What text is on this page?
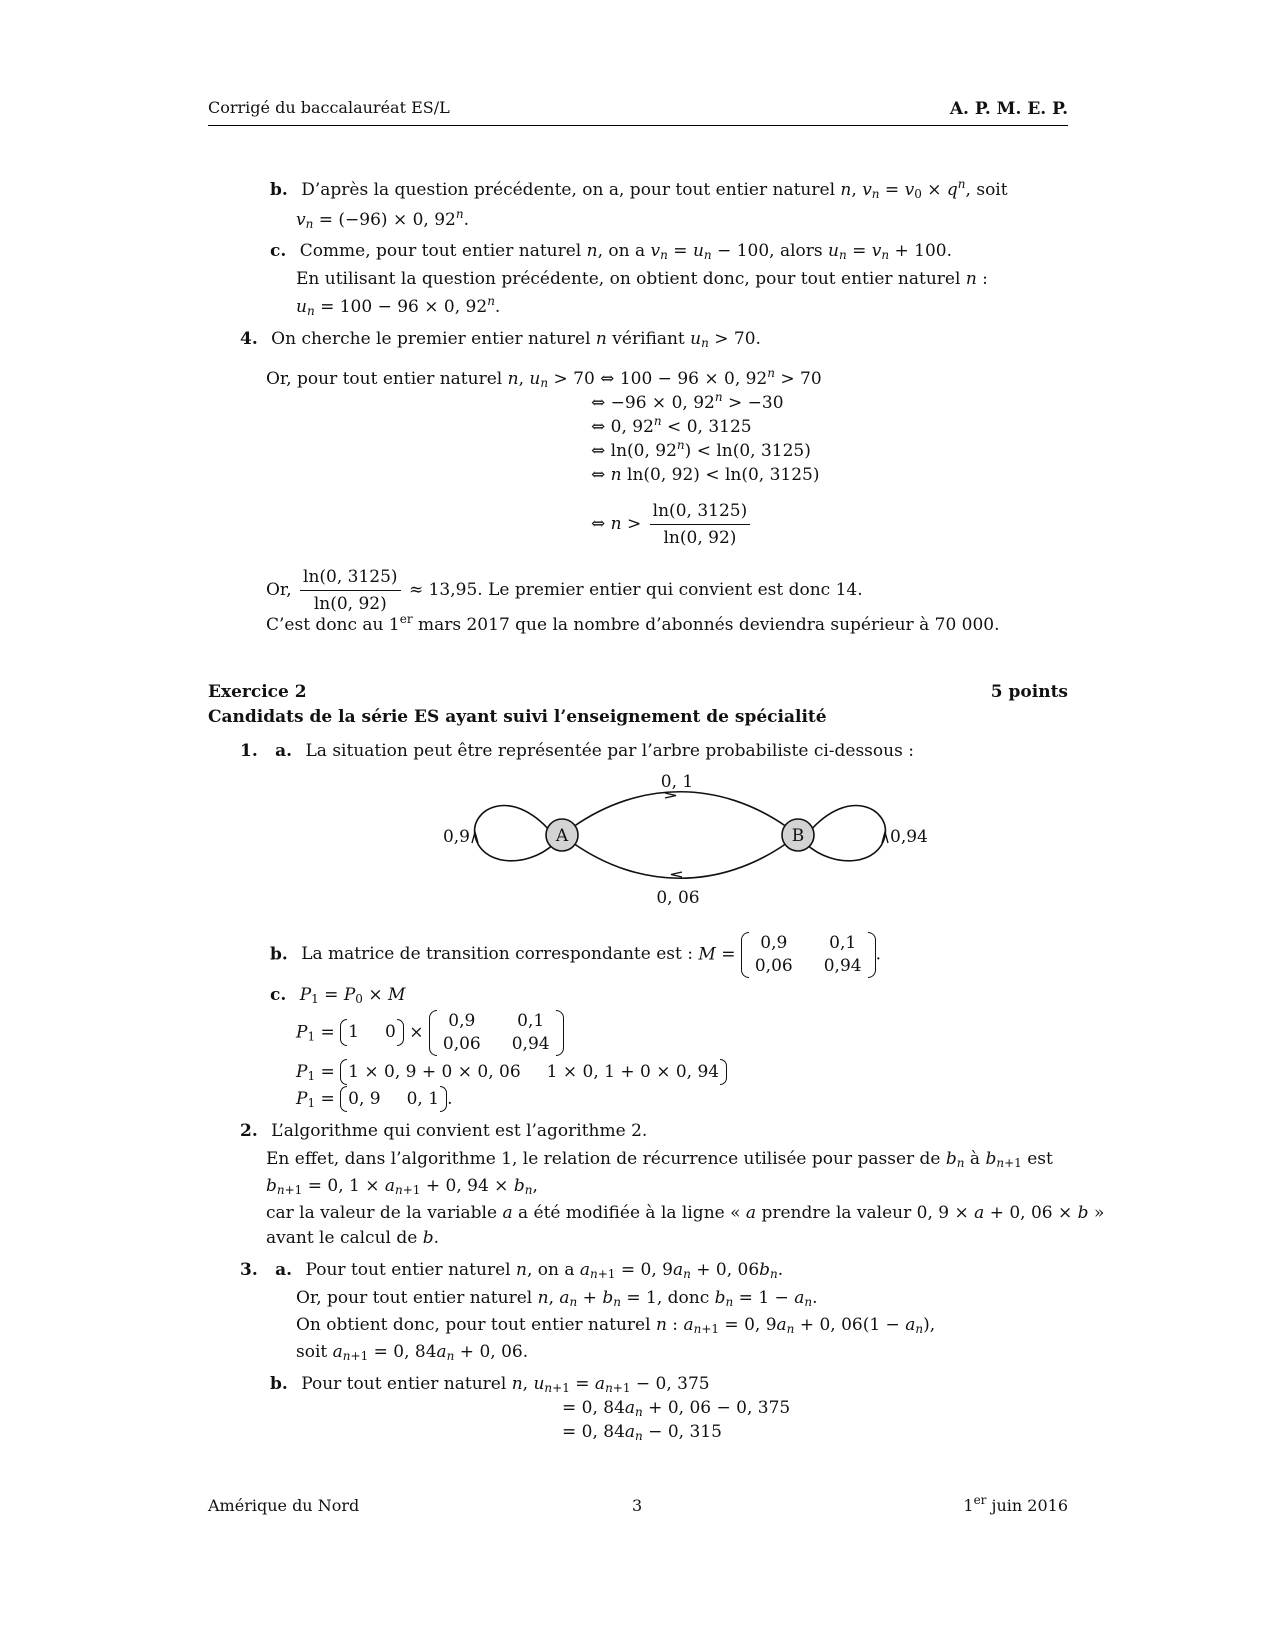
Corrigé du baccalauréat ES/L	A. P. M. E. P.
b. D’après la question précédente, on a, pour tout entier naturel n, $v_n = v_0 \times q^n$, soit
$v_n = (-96) \times 0$, 92$^n$.
c. Comme, pour tout entier naturel n, on a $v_n = u_n - 100$, alors $u_n = v_n + 100$.
En utilisant la question précédente, on obtient donc, pour tout entier naturel n :
$u_n = 100 - 96 \times 0$, 92$^n$.
4. On cherche le premier entier naturel n vérifiant $u_n > 70$.
Or, pour tout entier naturel n, $u_n > 70$ ⇔ 100 − 96 × 0, $92^n > 70$
⇔ −96 × 0, $92^n > -30$
⇔ 0, $92^n < 0$, 3125
⇔ ln(0, $92^n) < \ln(0$, 3125)
⇔ n ln(0, 92) < ln(0, 3125)
⇔ $n > \frac{\ln(0, 3125)}{\ln(0, 92)}$
Or, $\frac{\ln(0, 3125)}{\ln(0, 92)} \approx 13,95$. Le premier entier qui convient est donc 14.
C’est donc au 1er mars 2017 que la nombre d’abonnés deviendra supérieur à 70 000.
Exercice 2	5 points
Candidats de la série ES ayant suivi l’enseignement de spécialité
1. a. La situation peut être représentée par l’arbre probabiliste ci-dessous :
A	B
0, 1
0, 06
0,9	0,94
b. La matrice de transition correspondante est : M =
0,9	0,1
0,06	0,94
.
c. $P_1 = P_0 \times M$
$P_1 = 1$ 0 ×
0,9	0,1
0,06	0,94
$P_1 = 1 \times 0$, 9 + 0 × 0, 06 1 × 0, 1 + 0 × 0, 94
$P_1 = 0$, 9 0, 1 .
2. L’algorithme qui convient est l’agorithme 2.
En effet, dans l’algorithme 1, le relation de récurrence utilisée pour passer de $b_n$ à $b_{n+1}$ est
$b_{n+1} = 0$, $1 \times a_{n+1} + 0$, $94 \times b_n$,
car la valeur de la variable a a été modifiée à la ligne « a prendre la valeur 0, 9 × a + 0, 06 × b »
avant le calcul de b.
3. a. Pour tout entier naturel n, on a $a_{n+1} = 0$, $9a_n + 0$, $06b_n$.
Or, pour tout entier naturel n, $a_n + b_n = 1$, donc $b_n = 1 - a_n$.
On obtient donc, pour tout entier naturel n : $a_{n+1} = 0$, $9a_n + 0$, $06(1 - a_n)$,
soit $a_{n+1} = 0$, $84a_n + 0$, 06.
b. Pour tout entier naturel n, $u_{n+1} = a_{n+1} - 0$, 375
= 0, $84a_n + 0$, 06 − 0, 375
= 0, $84a_n - 0$, 315
Amérique du Nord	3	1er juin 2016
